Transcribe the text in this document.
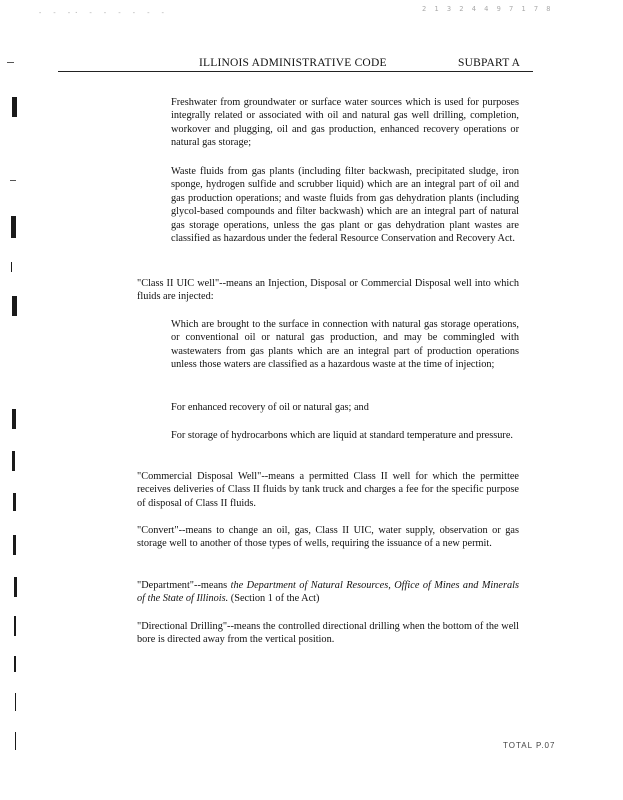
- - -· - - - - - -	2 1 3 2 4 4 9 7 1 7 8
ILLINOIS ADMINISTRATIVE CODE	SUBPART A

Freshwater from groundwater or surface water sources which is used for purposes integrally related or associated with oil and natural gas well drilling, completion, workover and plugging, oil and gas production, enhanced recovery operations or natural gas storage;

Waste fluids from gas plants (including filter backwash, precipitated sludge, iron sponge, hydrogen sulfide and scrubber liquid) which are an integral part of oil and gas production operations; and waste fluids from gas dehydration plants (including glycol-based compounds and filter backwash) which are an integral part of natural gas storage operations, unless the gas plant or gas dehydration plant wastes are classified as hazardous under the federal Resource Conservation and Recovery Act.

"Class II UIC well"--means an Injection, Disposal or Commercial Disposal well into which fluids are injected:

Which are brought to the surface in connection with natural gas storage operations, or conventional oil or natural gas production, and may be commingled with wastewaters from gas plants which are an integral part of production operations unless those waters are classified as a hazardous waste at the time of injection;

For enhanced recovery of oil or natural gas; and

For storage of hydrocarbons which are liquid at standard temperature and pressure.

"Commercial Disposal Well"--means a permitted Class II well for which the permittee receives deliveries of Class II fluids by tank truck and charges a fee for the specific purpose of disposal of Class II fluids.

"Convert"--means to change an oil, gas, Class II UIC, water supply, observation or gas storage well to another of those types of wells, requiring the issuance of a new permit.

"Department"--means the Department of Natural Resources, Office of Mines and Minerals of the State of Illinois. (Section 1 of the Act)

"Directional Drilling"--means the controlled directional drilling when the bottom of the well bore is directed away from the vertical position.

TOTAL P.07
